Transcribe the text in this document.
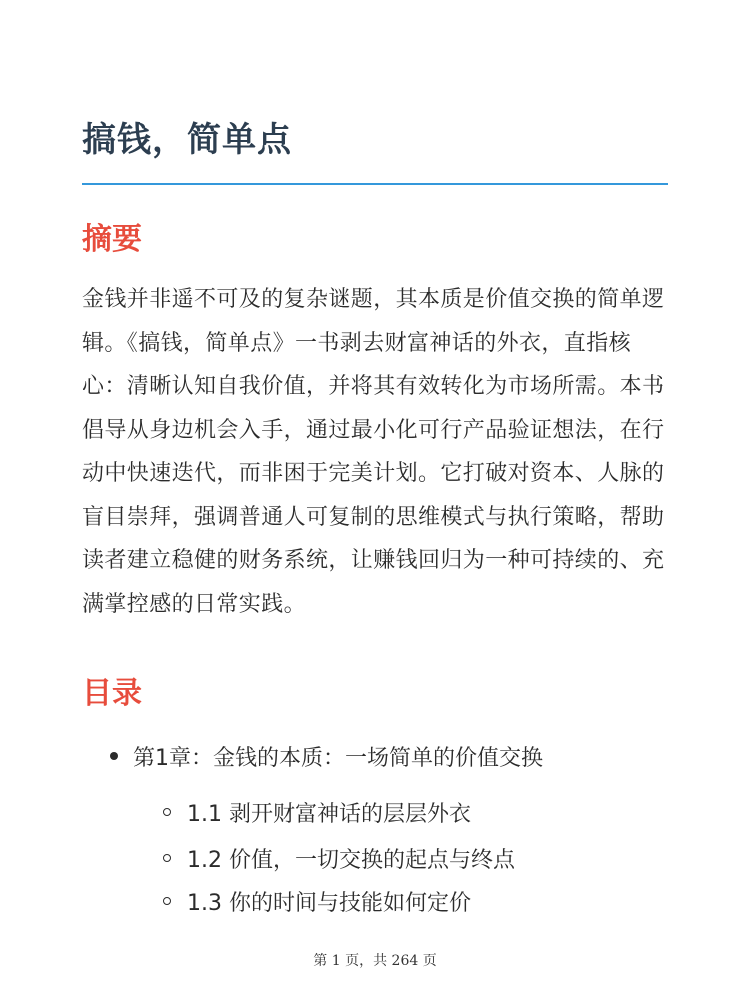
搞钱，简单点
摘要

金钱并非遥不可及的复杂谜题，其本质是价值交换的简单逻辑。《搞钱，简单点》一书剥去财富神话的外衣，直指核心：清晰认知自我价值，并将其有效转化为市场所需。本书倡导从身边机会入手，通过最小化可行产品验证想法，在行动中快速迭代，而非困于完美计划。它打破对资本、人脉的盲目崇拜，强调普通人可复制的思维模式与执行策略，帮助读者建立稳健的财务系统，让赚钱回归为一种可持续的、充满掌控感的日常实践。

目录
第1章：金钱的本质：一场简单的价值交换
1.1 剥开财富神话的层层外衣
1.2 价值，一切交换的起点与终点
1.3 你的时间与技能如何定价
第 1 页，共 264 页
